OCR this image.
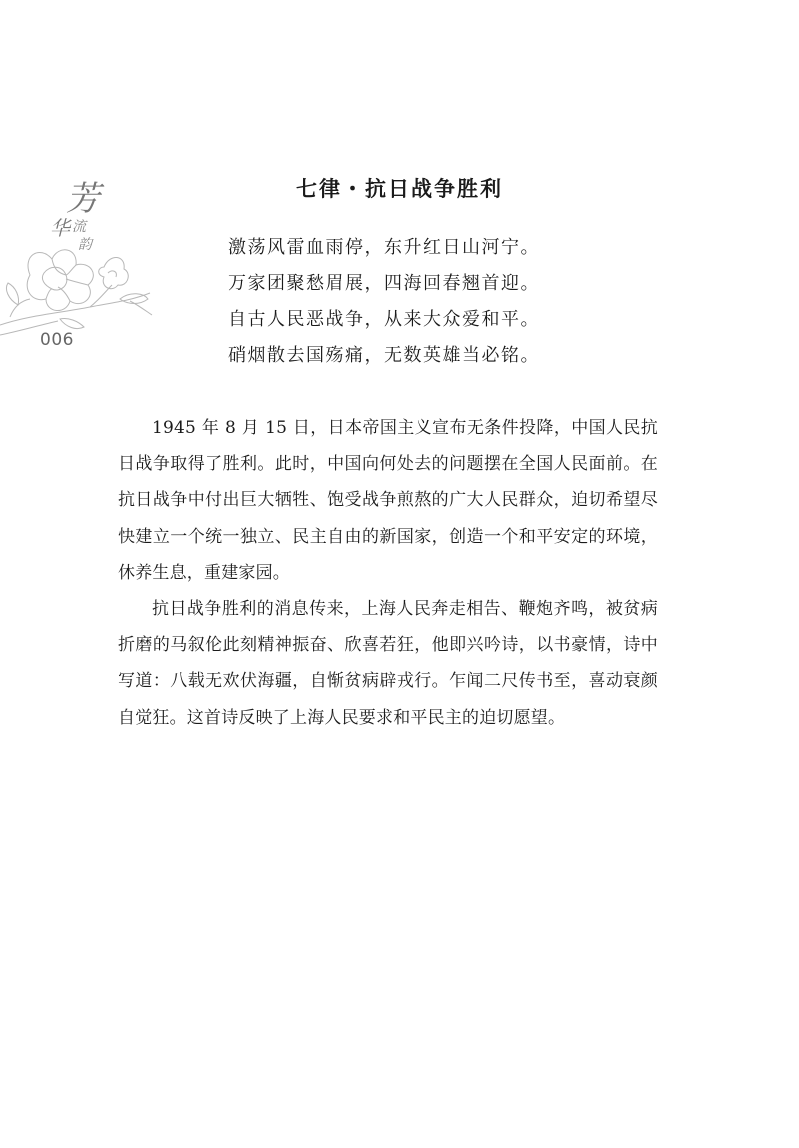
芳
华 流
韵
006
七律・抗日战争胜利
激荡风雷血雨停，东升红日山河宁。
万家团聚愁眉展，四海回春翘首迎。
自古人民恶战争，从来大众爱和平。
硝烟散去国殇痛，无数英雄当必铭。

1945 年 8 月 15 日，日本帝国主义宣布无条件投降，中国人民抗日战争取得了胜利。此时，中国向何处去的问题摆在全国人民面前。在抗日战争中付出巨大牺牲、饱受战争煎熬的广大人民群众，迫切希望尽快建立一个统一独立、民主自由的新国家，创造一个和平安定的环境，休养生息，重建家园。

抗日战争胜利的消息传来，上海人民奔走相告、鞭炮齐鸣，被贫病折磨的马叙伦此刻精神振奋、欣喜若狂，他即兴吟诗，以书豪情，诗中写道：八载无欢伏海疆，自惭贫病辟戎行。乍闻二尺传书至，喜动衰颜自觉狂。这首诗反映了上海人民要求和平民主的迫切愿望。
